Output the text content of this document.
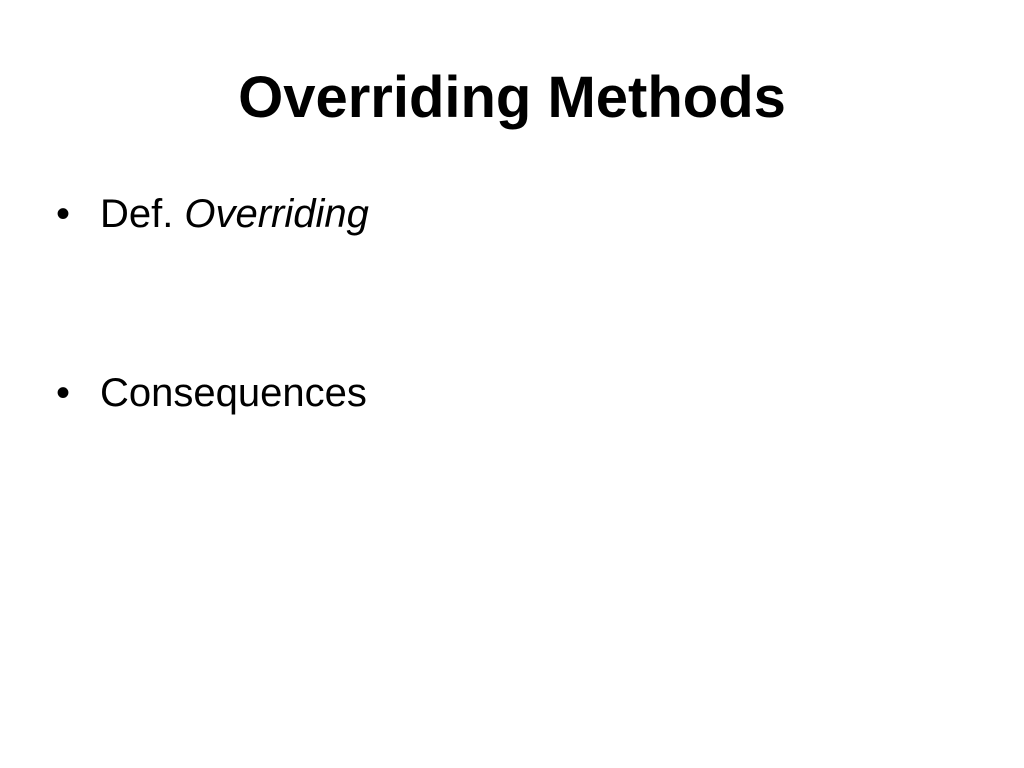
Overriding Methods
• Def. Overriding
• Consequences
